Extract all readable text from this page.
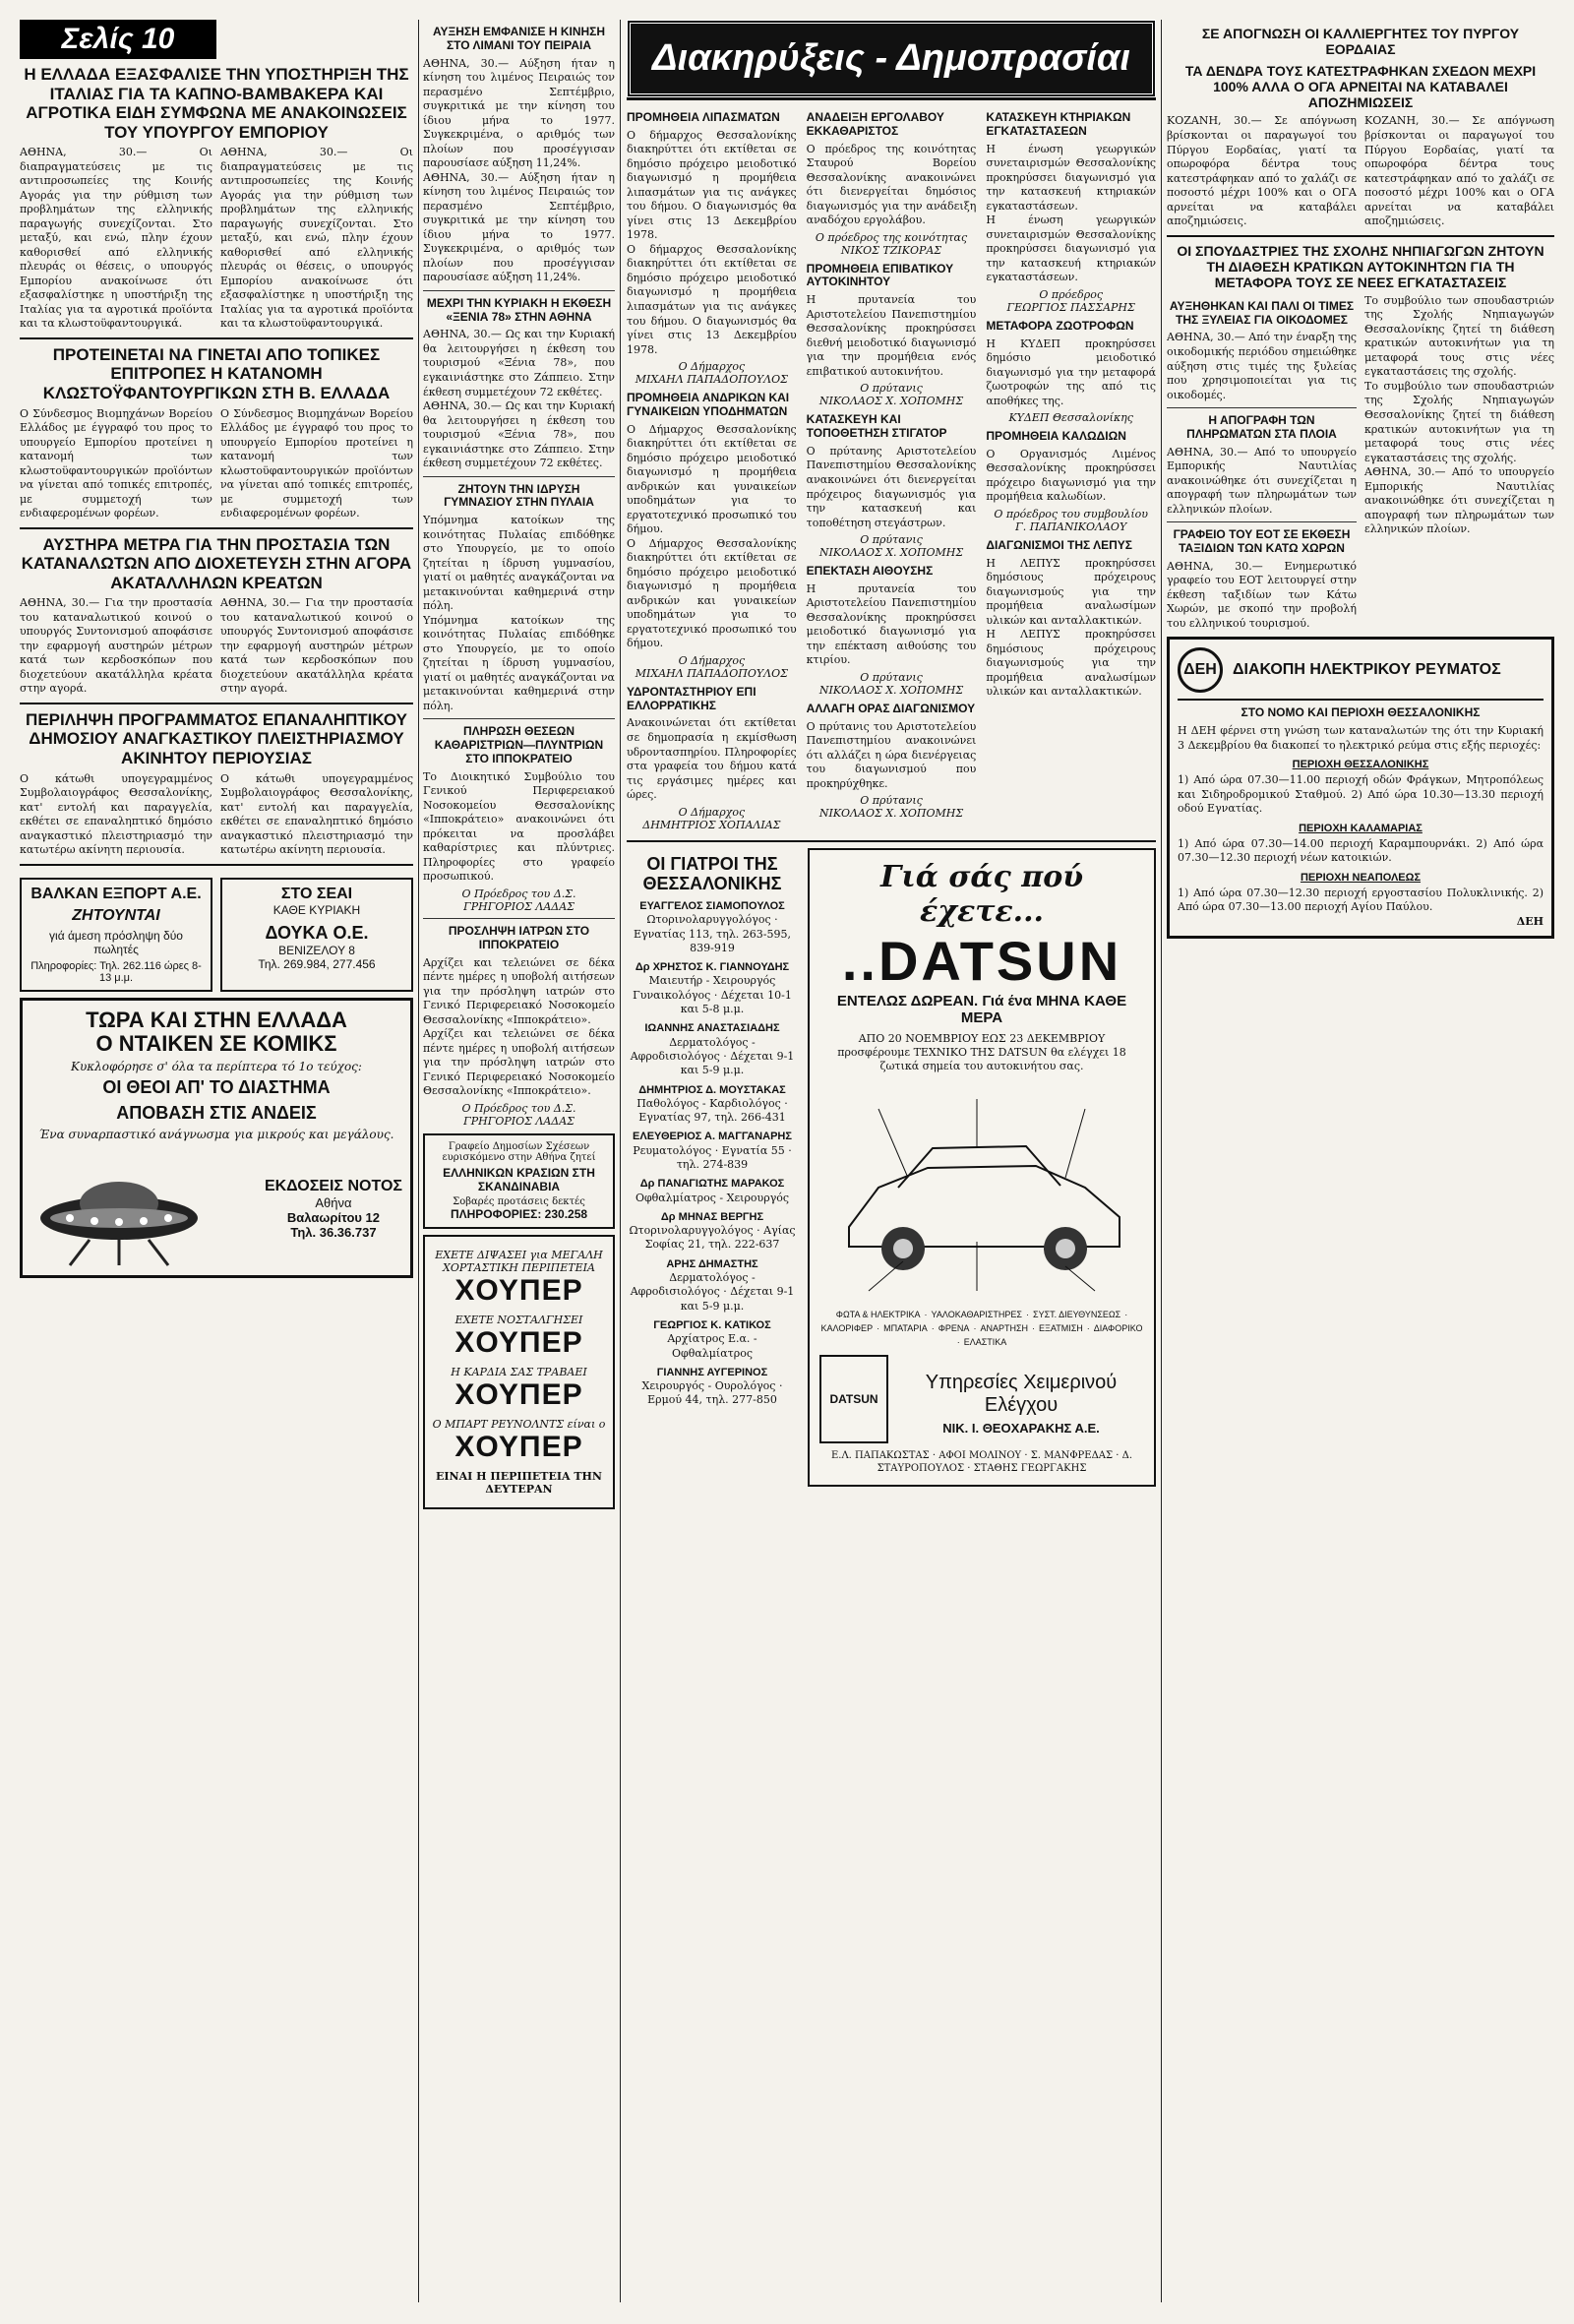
Σελίς 10
Η ΕΛΛΑΔΑ ΕΞΑΣΦΑΛΙΣΕ ΤΗΝ ΥΠΟΣΤΗΡΙΞΗ ΤΗΣ ΙΤΑΛΙΑΣ ΓΙΑ ΤΑ ΚΑΠΝΟ-ΒΑΜΒΑΚΕΡΑ ΚΑΙ ΑΓΡΟΤΙΚΑ ΕΙΔΗ ΣΥΜΦΩΝΑ ΜΕ ΑΝΑΚΟΙΝΩΣΕΙΣ ΤΟΥ ΥΠΟΥΡΓΟΥ ΕΜΠΟΡΙΟΥ

ΑΘΗΝΑ, 30.— Οι διαπραγματεύσεις με τις αντιπροσωπείες της Κοινής Αγοράς για την ρύθμιση των προβλημάτων της ελληνικής παραγωγής συνεχίζονται. Στο μεταξύ, και ενώ, πλην έχουν καθορισθεί από ελληνικής πλευράς οι θέσεις, ο υπουργός Εμπορίου ανακοίνωσε ότι εξασφαλίστηκε η υποστήριξη της Ιταλίας για τα αγροτικά προϊόντα και τα κλωστοϋφαντουργικά.

ΑΘΗΝΑ, 30.— Οι διαπραγματεύσεις με τις αντιπροσωπείες της Κοινής Αγοράς για την ρύθμιση των προβλημάτων της ελληνικής παραγωγής συνεχίζονται. Στο μεταξύ, και ενώ, πλην έχουν καθορισθεί από ελληνικής πλευράς οι θέσεις, ο υπουργός Εμπορίου ανακοίνωσε ότι εξασφαλίστηκε η υποστήριξη της Ιταλίας για τα αγροτικά προϊόντα και τα κλωστοϋφαντουργικά.

ΠΡΟΤΕΙΝΕΤΑΙ ΝΑ ΓΙΝΕΤΑΙ ΑΠΟ ΤΟΠΙΚΕΣ ΕΠΙΤΡΟΠΕΣ Η ΚΑΤΑΝΟΜΗ ΚΛΩΣΤΟΫΦΑΝΤΟΥΡΓΙΚΩΝ ΣΤΗ Β. ΕΛΛΑΔΑ

Ο Σύνδεσμος Βιομηχάνων Βορείου Ελλάδος με έγγραφό του προς το υπουργείο Εμπορίου προτείνει η κατανομή των κλωστοϋφαντουργικών προϊόντων να γίνεται από τοπικές επιτροπές, με συμμετοχή των ενδιαφερομένων φορέων.

Ο Σύνδεσμος Βιομηχάνων Βορείου Ελλάδος με έγγραφό του προς το υπουργείο Εμπορίου προτείνει η κατανομή των κλωστοϋφαντουργικών προϊόντων να γίνεται από τοπικές επιτροπές, με συμμετοχή των ενδιαφερομένων φορέων.

ΑΥΣΤΗΡΑ ΜΕΤΡΑ ΓΙΑ ΤΗΝ ΠΡΟΣΤΑΣΙΑ ΤΩΝ ΚΑΤΑΝΑΛΩΤΩΝ ΑΠΟ ΔΙΟΧΕΤΕΥΣΗ ΣΤΗΝ ΑΓΟΡΑ ΑΚΑΤΑΛΛΗΛΩΝ ΚΡΕΑΤΩΝ

ΑΘΗΝΑ, 30.— Για την προστασία του καταναλωτικού κοινού ο υπουργός Συντονισμού αποφάσισε την εφαρμογή αυστηρών μέτρων κατά των κερδοσκόπων που διοχετεύουν ακατάλληλα κρέατα στην αγορά.

ΑΘΗΝΑ, 30.— Για την προστασία του καταναλωτικού κοινού ο υπουργός Συντονισμού αποφάσισε την εφαρμογή αυστηρών μέτρων κατά των κερδοσκόπων που διοχετεύουν ακατάλληλα κρέατα στην αγορά.

ΠΕΡΙΛΗΨΗ ΠΡΟΓΡΑΜΜΑΤΟΣ ΕΠΑΝΑΛΗΠΤΙΚΟΥ ΔΗΜΟΣΙΟΥ ΑΝΑΓΚΑΣΤΙΚΟΥ ΠΛΕΙΣΤΗΡΙΑΣΜΟΥ ΑΚΙΝΗΤΟΥ ΠΕΡΙΟΥΣΙΑΣ

Ο κάτωθι υπογεγραμμένος Συμβολαιογράφος Θεσσαλονίκης, κατ' εντολή και παραγγελία, εκθέτει σε επαναληπτικό δημόσιο αναγκαστικό πλειστηριασμό την κατωτέρω ακίνητη περιουσία.

Ο κάτωθι υπογεγραμμένος Συμβολαιογράφος Θεσσαλονίκης, κατ' εντολή και παραγγελία, εκθέτει σε επαναληπτικό δημόσιο αναγκαστικό πλειστηριασμό την κατωτέρω ακίνητη περιουσία.

ΒΑΛΚΑΝ ΕΞΠΟΡΤ Α.Ε.
ΖΗΤΟΥΝΤΑΙ
γιά άμεση πρόσληψη δύο πωλητές
Πληροφορίες: Τηλ. 262.116 ώρες 8-13 μ.μ.
ΣΤΟ ΣΕΑΙ
ΚΑΘΕ ΚΥΡΙΑΚΗ
ΔΟΥΚΑ Ο.Ε.
ΒΕΝΙΖΕΛΟΥ 8
Τηλ. 269.984, 277.456
ΤΩΡΑ ΚΑΙ ΣΤΗΝ ΕΛΛΑΔΑ
Ο ΝΤΑΙΚΕΝ ΣΕ ΚΟΜΙΚΣ
Κυκλοφόρησε σ' όλα τα περίπτερα τό 1ο τεύχος:
ΟΙ ΘΕΟΙ ΑΠ' ΤΟ ΔΙΑΣΤΗΜΑ
ΑΠΟΒΑΣΗ ΣΤΙΣ ΑΝΔΕΙΣ
Ένα συναρπαστικό ανάγνωσμα για μικρούς και μεγάλους.
ΕΚΔΟΣΕΙΣ ΝΟΤΟΣ
Αθήνα
Βαλαωρίτου 12
Τηλ. 36.36.737
ΑΥΞΗΣΗ ΕΜΦΑΝΙΣΕ Η ΚΙΝΗΣΗ ΣΤΟ ΛΙΜΑΝΙ ΤΟΥ ΠΕΙΡΑΙΑ

ΑΘΗΝΑ, 30.— Αύξηση ήταν η κίνηση του λιμένος Πειραιώς τον περασμένο Σεπτέμβριο, συγκριτικά με την κίνηση του ίδιου μήνα το 1977. Συγκεκριμένα, ο αριθμός των πλοίων που προσέγγισαν παρουσίασε αύξηση 11,24%.

ΑΘΗΝΑ, 30.— Αύξηση ήταν η κίνηση του λιμένος Πειραιώς τον περασμένο Σεπτέμβριο, συγκριτικά με την κίνηση του ίδιου μήνα το 1977. Συγκεκριμένα, ο αριθμός των πλοίων που προσέγγισαν παρουσίασε αύξηση 11,24%.

ΜΕΧΡΙ ΤΗΝ ΚΥΡΙΑΚΗ Η ΕΚΘΕΣΗ «ΞΕΝΙΑ 78» ΣΤΗΝ ΑΘΗΝΑ

ΑΘΗΝΑ, 30.— Ως και την Κυριακή θα λειτουργήσει η έκθεση του τουρισμού «Ξένια 78», που εγκαινιάστηκε στο Ζάππειο. Στην έκθεση συμμετέχουν 72 εκθέτες.

ΑΘΗΝΑ, 30.— Ως και την Κυριακή θα λειτουργήσει η έκθεση του τουρισμού «Ξένια 78», που εγκαινιάστηκε στο Ζάππειο. Στην έκθεση συμμετέχουν 72 εκθέτες.

ΖΗΤΟΥΝ ΤΗΝ ΙΔΡΥΣΗ ΓΥΜΝΑΣΙΟΥ ΣΤΗΝ ΠΥΛΑΙΑ

Υπόμνημα κατοίκων της κοινότητας Πυλαίας επιδόθηκε στο Υπουργείο, με το οποίο ζητείται η ίδρυση γυμνασίου, γιατί οι μαθητές αναγκάζονται να μετακινούνται καθημερινά στην πόλη.

Υπόμνημα κατοίκων της κοινότητας Πυλαίας επιδόθηκε στο Υπουργείο, με το οποίο ζητείται η ίδρυση γυμνασίου, γιατί οι μαθητές αναγκάζονται να μετακινούνται καθημερινά στην πόλη.

ΠΛΗΡΩΣΗ ΘΕΣΕΩΝ ΚΑΘΑΡΙΣΤΡΙΩΝ—ΠΛΥΝΤΡΙΩΝ ΣΤΟ ΙΠΠΟΚΡΑΤΕΙΟ

Το Διοικητικό Συμβούλιο του Γενικού Περιφερειακού Νοσοκομείου Θεσσαλονίκης «Ιπποκράτειο» ανακοινώνει ότι πρόκειται να προσλάβει καθαρίστριες και πλύντριες. Πληροφορίες στο γραφείο προσωπικού.

Ο Πρόεδρος του Δ.Σ.
ΓΡΗΓΟΡΙΟΣ ΛΑΔΑΣ
ΠΡΟΣΛΗΨΗ ΙΑΤΡΩΝ ΣΤΟ ΙΠΠΟΚΡΑΤΕΙΟ

Αρχίζει και τελειώνει σε δέκα πέντε ημέρες η υποβολή αιτήσεων για την πρόσληψη ιατρών στο Γενικό Περιφερειακό Νοσοκομείο Θεσσαλονίκης «Ιπποκράτειο».

Αρχίζει και τελειώνει σε δέκα πέντε ημέρες η υποβολή αιτήσεων για την πρόσληψη ιατρών στο Γενικό Περιφερειακό Νοσοκομείο Θεσσαλονίκης «Ιπποκράτειο».

Ο Πρόεδρος του Δ.Σ.
ΓΡΗΓΟΡΙΟΣ ΛΑΔΑΣ
Γραφείο Δημοσίων Σχέσεων ευρισκόμενο στην Αθήνα ζητεί
ΕΛΛΗΝΙΚΩΝ ΚΡΑΣΙΩΝ ΣΤΗ ΣΚΑΝΔΙΝΑΒΙΑ
Σοβαρές προτάσεις δεκτές
ΠΛΗΡΟΦΟΡΙΕΣ: 230.258
ΕΧΕΤΕ ΔΙΨΑΣΕΙ για ΜΕΓΑΛΗ ΧΟΡΤΑΣΤΙΚΗ ΠΕΡΙΠΕΤΕΙΑ
ΧΟΥΠΕΡ
ΕΧΕΤΕ ΝΟΣΤΑΛΓΗΣΕΙ
ΧΟΥΠΕΡ
Η ΚΑΡΔΙΑ ΣΑΣ ΤΡΑΒΑΕΙ
ΧΟΥΠΕΡ
Ο ΜΠΑΡΤ ΡΕΥΝΟΛΝΤΣ είναι ο
ΧΟΥΠΕΡ
ΕΙΝΑΙ Η ΠΕΡΙΠΕΤΕΙΑ ΤΗΝ ΔΕΥΤΕΡΑΝ
Διακηρύξεις - Δημοπρασίαι
ΠΡΟΜΗΘΕΙΑ ΛΙΠΑΣΜΑΤΩΝ

Ο δήμαρχος Θεσσαλονίκης διακηρύττει ότι εκτίθεται σε δημόσιο πρόχειρο μειοδοτικό διαγωνισμό η προμήθεια λιπασμάτων για τις ανάγκες του δήμου. Ο διαγωνισμός θα γίνει στις 13 Δεκεμβρίου 1978.

Ο δήμαρχος Θεσσαλονίκης διακηρύττει ότι εκτίθεται σε δημόσιο πρόχειρο μειοδοτικό διαγωνισμό η προμήθεια λιπασμάτων για τις ανάγκες του δήμου. Ο διαγωνισμός θα γίνει στις 13 Δεκεμβρίου 1978.

Ο Δήμαρχος
ΜΙΧΑΗΛ ΠΑΠΑΔΟΠΟΥΛΟΣ
ΠΡΟΜΗΘΕΙΑ ΑΝΔΡΙΚΩΝ ΚΑΙ ΓΥΝΑΙΚΕΙΩΝ ΥΠΟΔΗΜΑΤΩΝ

Ο Δήμαρχος Θεσσαλονίκης διακηρύττει ότι εκτίθεται σε δημόσιο πρόχειρο μειοδοτικό διαγωνισμό η προμήθεια ανδρικών και γυναικείων υποδημάτων για το εργατοτεχνικό προσωπικό του δήμου.

Ο Δήμαρχος Θεσσαλονίκης διακηρύττει ότι εκτίθεται σε δημόσιο πρόχειρο μειοδοτικό διαγωνισμό η προμήθεια ανδρικών και γυναικείων υποδημάτων για το εργατοτεχνικό προσωπικό του δήμου.

Ο Δήμαρχος
ΜΙΧΑΗΛ ΠΑΠΑΔΟΠΟΥΛΟΣ
ΥΔΡΟΝΤΑΣΤΗΡΙΟΥ ΕΠΙ ΕΛΛΟΡΡΑΤΙΚΗΣ

Ανακοινώνεται ότι εκτίθεται σε δημοπρασία η εκμίσθωση υδροντασπηρίου. Πληροφορίες στα γραφεία του δήμου κατά τις εργάσιμες ημέρες και ώρες.

Ο Δήμαρχος
ΔΗΜΗΤΡΙΟΣ ΧΟΠΑΛΙΑΣ
ΑΝΑΔΕΙΞΗ ΕΡΓΟΛΑΒΟΥ ΕΚΚΑΘΑΡΙΣΤΟΣ

Ο πρόεδρος της κοινότητας Σταυρού Βορείου Θεσσαλονίκης ανακοινώνει ότι διενεργείται δημόσιος διαγωνισμός για την ανάδειξη αναδόχου εργολάβου.

Ο πρόεδρος της κοινότητας
ΝΙΚΟΣ ΤΖΙΚΟΡΑΣ
ΠΡΟΜΗΘΕΙΑ ΕΠΙΒΑΤΙΚΟΥ ΑΥΤΟΚΙΝΗΤΟΥ

Η πρυτανεία του Αριστοτελείου Πανεπιστημίου Θεσσαλονίκης προκηρύσσει διεθνή μειοδοτικό διαγωνισμό για την προμήθεια ενός επιβατικού αυτοκινήτου.

Ο πρύτανις
ΝΙΚΟΛΑΟΣ Χ. ΧΟΠΟΜΗΣ
ΚΑΤΑΣΚΕΥΗ ΚΑΙ ΤΟΠΟΘΕΤΗΣΗ ΣΤΙΓΑΤΟΡ

Ο πρύτανης Αριστοτελείου Πανεπιστημίου Θεσσαλονίκης ανακοινώνει ότι διενεργείται πρόχειρος διαγωνισμός για την κατασκευή και τοποθέτηση στεγάστρων.

Ο πρύτανις
ΝΙΚΟΛΑΟΣ Χ. ΧΟΠΟΜΗΣ
ΕΠΕΚΤΑΣΗ ΑΙΘΟΥΣΗΣ

Η πρυτανεία του Αριστοτελείου Πανεπιστημίου Θεσσαλονίκης προκηρύσσει μειοδοτικό διαγωνισμό για την επέκταση αιθούσης του κτιρίου.

Ο πρύτανις
ΝΙΚΟΛΑΟΣ Χ. ΧΟΠΟΜΗΣ
ΑΛΛΑΓΗ ΟΡΑΣ ΔΙΑΓΩΝΙΣΜΟΥ

Ο πρύτανις του Αριστοτελείου Πανεπιστημίου ανακοινώνει ότι αλλάζει η ώρα διενέργειας του διαγωνισμού που προκηρύχθηκε.

Ο πρύτανις
ΝΙΚΟΛΑΟΣ Χ. ΧΟΠΟΜΗΣ
ΚΑΤΑΣΚΕΥΗ ΚΤΗΡΙΑΚΩΝ ΕΓΚΑΤΑΣΤΑΣΕΩΝ

Η ένωση γεωργικών συνεταιρισμών Θεσσαλονίκης προκηρύσσει διαγωνισμό για την κατασκευή κτηριακών εγκαταστάσεων.

Η ένωση γεωργικών συνεταιρισμών Θεσσαλονίκης προκηρύσσει διαγωνισμό για την κατασκευή κτηριακών εγκαταστάσεων.

Ο πρόεδρος
ΓΕΩΡΓΙΟΣ ΠΑΣΣΑΡΗΣ
ΜΕΤΑΦΟΡΑ ΖΩΟΤΡΟΦΩΝ

Η ΚΥΔΕΠ προκηρύσσει δημόσιο μειοδοτικό διαγωνισμό για την μεταφορά ζωοτροφών της από τις αποθήκες της.

ΚΥΔΕΠ Θεσσαλονίκης
ΠΡΟΜΗΘΕΙΑ ΚΑΛΩΔΙΩΝ

Ο Οργανισμός Λιμένος Θεσσαλονίκης προκηρύσσει πρόχειρο διαγωνισμό για την προμήθεια καλωδίων.

Ο πρόεδρος του συμβουλίου
Γ. ΠΑΠΑΝΙΚΟΛΑΟΥ
ΔΙΑΓΩΝΙΣΜΟΙ ΤΗΣ ΛΕΠΥΣ

Η ΛΕΠΥΣ προκηρύσσει δημόσιους πρόχειρους διαγωνισμούς για την προμήθεια αναλωσίμων υλικών και ανταλλακτικών.

Η ΛΕΠΥΣ προκηρύσσει δημόσιους πρόχειρους διαγωνισμούς για την προμήθεια αναλωσίμων υλικών και ανταλλακτικών.

ΟΙ ΓΙΑΤΡΟΙ ΤΗΣ ΘΕΣΣΑΛΟΝΙΚΗΣ
ΕΥΑΓΓΕΛΟΣ ΣΙΑΜΟΠΟΥΛΟΣ
Ωτορινολαρυγγολόγος · Εγνατίας 113, τηλ. 263-595, 839-919
Δρ ΧΡΗΣΤΟΣ Κ. ΓΙΑΝΝΟΥΔΗΣ
Μαιευτήρ - Χειρουργός Γυναικολόγος · Δέχεται 10-1 και 5-8 μ.μ.
ΙΩΑΝΝΗΣ ΑΝΑΣΤΑΣΙΑΔΗΣ
Δερματολόγος - Αφροδισιολόγος · Δέχεται 9-1 και 5-9 μ.μ.
ΔΗΜΗΤΡΙΟΣ Δ. ΜΟΥΣΤΑΚΑΣ
Παθολόγος - Καρδιολόγος · Εγνατίας 97, τηλ. 266-431
ΕΛΕΥΘΕΡΙΟΣ Α. ΜΑΓΓΑΝΑΡΗΣ
Ρευματολόγος · Εγνατία 55 · τηλ. 274-839
Δρ ΠΑΝΑΓΙΩΤΗΣ ΜΑΡΑΚΟΣ
Οφθαλμίατρος - Χειρουργός
Δρ ΜΗΝΑΣ ΒΕΡΓΗΣ
Ωτορινολαρυγγολόγος · Αγίας Σοφίας 21, τηλ. 222-637
ΑΡΗΣ ΔΗΜΑΣΤΗΣ
Δερματολόγος - Αφροδισιολόγος · Δέχεται 9-1 και 5-9 μ.μ.
ΓΕΩΡΓΙΟΣ Κ. ΚΑΤΙΚΟΣ
Αρχίατρος Ε.α. - Οφθαλμίατρος
ΓΙΑΝΝΗΣ ΑΥΓΕΡΙΝΟΣ
Χειρουργός - Ουρολόγος · Ερμού 44, τηλ. 277-850
Γιά σάς πού έχετε...
..DATSUN
ΕΝΤΕΛΩΣ ΔΩΡΕΑΝ. Γιά ένα ΜΗΝΑ ΚΑΘΕ ΜΕΡΑ
ΑΠΟ 20 ΝΟΕΜΒΡΙΟΥ ΕΩΣ 23 ΔΕΚΕΜΒΡΙΟΥ προσφέρουμε ΤΕΧΝΙΚΟ ΤΗΣ DATSUN θα ελέγχει 18 ζωτικά σημεία του αυτοκινήτου σας.
ΦΩΤΑ & ΗΛΕΚΤΡΙΚΑ · ΥΑΛΟΚΑΘΑΡΙΣΤΗΡΕΣ · ΣΥΣΤ. ΔΙΕΥΘΥΝΣΕΩΣ ·
ΚΑΛΟΡΙΦΕΡ · ΜΠΑΤΑΡΙΑ · ΦΡΕΝΑ · ΑΝΑΡΤΗΣΗ · ΕΞΑΤΜΙΣΗ · ΔΙΑΦΟΡΙΚΟ
· ΕΛΑΣΤΙΚΑ
DATSUN
Υπηρεσίες Χειμερινού Ελέγχου
ΝΙΚ. Ι. ΘΕΟΧΑΡΑΚΗΣ Α.Ε.
Ε.Λ. ΠΑΠΑΚΩΣΤΑΣ · ΑΦΟΙ ΜΟΛΙΝΟΥ · Σ. ΜΑΝΦΡΕΔΑΣ · Δ. ΣΤΑΥΡΟΠΟΥΛΟΣ · ΣΤΑΘΗΣ ΓΕΩΡΓΑΚΗΣ
ΣΕ ΑΠΟΓΝΩΣΗ ΟΙ ΚΑΛΛΙΕΡΓΗΤΕΣ ΤΟΥ ΠΥΡΓΟΥ ΕΟΡΔΑΙΑΣ
ΤΑ ΔΕΝΔΡΑ ΤΟΥΣ ΚΑΤΕΣΤΡΑΦΗΚΑΝ ΣΧΕΔΟΝ ΜΕΧΡΙ 100% ΑΛΛΑ Ο ΟΓΑ ΑΡΝΕΙΤΑΙ ΝΑ ΚΑΤΑΒΑΛΕΙ ΑΠΟΖΗΜΙΩΣΕΙΣ

ΚΟΖΑΝΗ, 30.— Σε απόγνωση βρίσκονται οι παραγωγοί του Πύργου Εορδαίας, γιατί τα οπωροφόρα δέντρα τους κατεστράφηκαν από το χαλάζι σε ποσοστό μέχρι 100% και ο ΟΓΑ αρνείται να καταβάλει αποζημιώσεις.

ΚΟΖΑΝΗ, 30.— Σε απόγνωση βρίσκονται οι παραγωγοί του Πύργου Εορδαίας, γιατί τα οπωροφόρα δέντρα τους κατεστράφηκαν από το χαλάζι σε ποσοστό μέχρι 100% και ο ΟΓΑ αρνείται να καταβάλει αποζημιώσεις.

ΟΙ ΣΠΟΥΔΑΣΤΡΙΕΣ ΤΗΣ ΣΧΟΛΗΣ ΝΗΠΙΑΓΩΓΩΝ ΖΗΤΟΥΝ ΤΗ ΔΙΑΘΕΣΗ ΚΡΑΤΙΚΩΝ ΑΥΤΟΚΙΝΗΤΩΝ ΓΙΑ ΤΗ ΜΕΤΑΦΟΡΑ ΤΟΥΣ ΣΕ ΝΕΕΣ ΕΓΚΑΤΑΣΤΑΣΕΙΣ
ΑΥΞΗΘΗΚΑΝ ΚΑΙ ΠΑΛΙ ΟΙ ΤΙΜΕΣ ΤΗΣ ΞΥΛΕΙΑΣ ΓΙΑ ΟΙΚΟΔΟΜΕΣ

ΑΘΗΝΑ, 30.— Από την έναρξη της οικοδομικής περιόδου σημειώθηκε αύξηση στις τιμές της ξυλείας που χρησιμοποιείται για τις οικοδομές.

Η ΑΠΟΓΡΑΦΗ ΤΩΝ ΠΛΗΡΩΜΑΤΩΝ ΣΤΑ ΠΛΟΙΑ

ΑΘΗΝΑ, 30.— Από το υπουργείο Εμπορικής Ναυτιλίας ανακοινώθηκε ότι συνεχίζεται η απογραφή των πληρωμάτων των ελληνικών πλοίων.

ΓΡΑΦΕΙΟ ΤΟΥ ΕΟΤ ΣΕ ΕΚΘΕΣΗ ΤΑΞΙΔΙΩΝ ΤΩΝ ΚΑΤΩ ΧΩΡΩΝ

ΑΘΗΝΑ, 30.— Ενημερωτικό γραφείο του ΕΟΤ λειτουργεί στην έκθεση ταξιδίων των Κάτω Χωρών, με σκοπό την προβολή του ελληνικού τουρισμού.

Το συμβούλιο των σπουδαστριών της Σχολής Νηπιαγωγών Θεσσαλονίκης ζητεί τη διάθεση κρατικών αυτοκινήτων για τη μεταφορά τους στις νέες εγκαταστάσεις της σχολής.

Το συμβούλιο των σπουδαστριών της Σχολής Νηπιαγωγών Θεσσαλονίκης ζητεί τη διάθεση κρατικών αυτοκινήτων για τη μεταφορά τους στις νέες εγκαταστάσεις της σχολής.

ΑΘΗΝΑ, 30.— Από το υπουργείο Εμπορικής Ναυτιλίας ανακοινώθηκε ότι συνεχίζεται η απογραφή των πληρωμάτων των ελληνικών πλοίων.

ΔΕΗ	ΔΙΑΚΟΠΗ ΗΛΕΚΤΡΙΚΟΥ ΡΕΥΜΑΤΟΣ
ΣΤΟ ΝΟΜΟ ΚΑΙ ΠΕΡΙΟΧΗ ΘΕΣΣΑΛΟΝΙΚΗΣ

Η ΔΕΗ φέρνει στη γνώση των καταναλωτών της ότι την Κυριακή 3 Δεκεμβρίου θα διακοπεί το ηλεκτρικό ρεύμα στις εξής περιοχές:

ΠΕΡΙΟΧΗ ΘΕΣΣΑΛΟΝΙΚΗΣ

1) Από ώρα 07.30—11.00 περιοχή οδών Φράγκων, Μητροπόλεως και Σιδηροδρομικού Σταθμού. 2) Από ώρα 10.30—13.30 περιοχή οδού Εγνατίας.

ΠΕΡΙΟΧΗ ΚΑΛΑΜΑΡΙΑΣ

1) Από ώρα 07.30—14.00 περιοχή Καραμπουρνάκι. 2) Από ώρα 07.30—12.30 περιοχή νέων κατοικιών.

ΠΕΡΙΟΧΗ ΝΕΑΠΟΛΕΩΣ

1) Από ώρα 07.30—12.30 περιοχή εργοστασίου Πολυκλινικής. 2) Από ώρα 07.30—13.00 περιοχή Αγίου Παύλου.

ΔΕΗ
